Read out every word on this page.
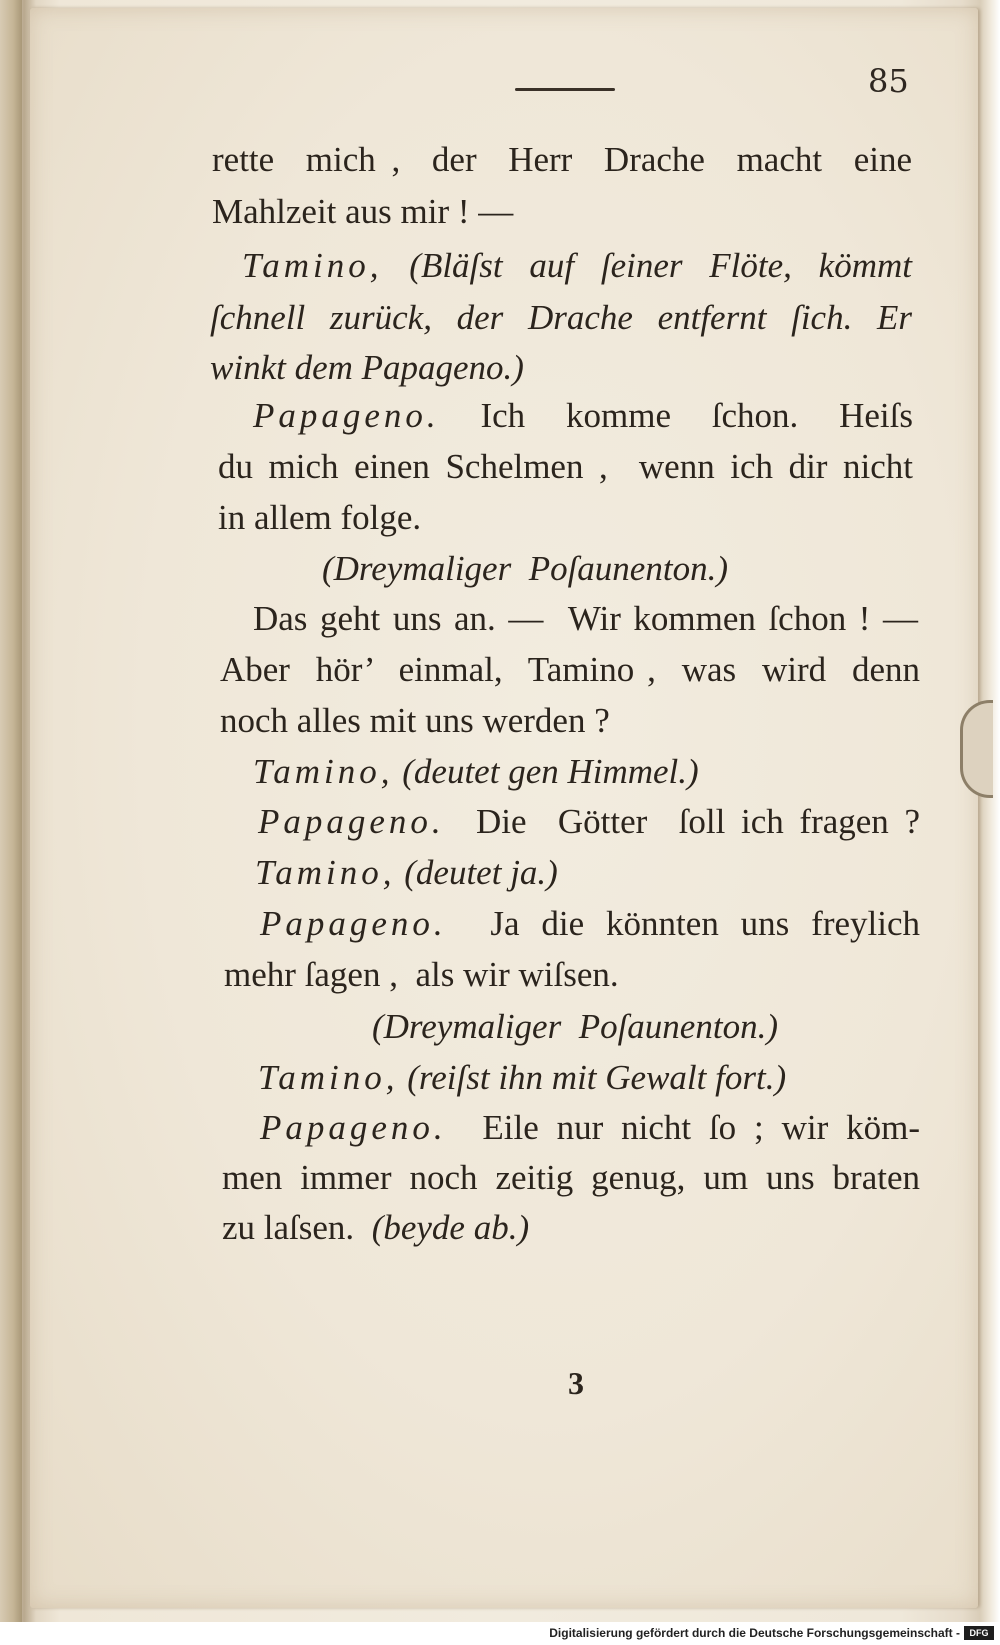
85
rette  mich ,  der  Herr  Drache  macht  eine
Mahlzeit aus mir ! —
Tamino, (Bläſst auf ſeiner Flöte, kömmt
ſchnell zurück, der Drache entfernt ſich. Er
winkt dem Papageno.)
Papageno.  Ich  komme  ſchon.  Heiſs
du mich einen Schelmen ,  wenn ich dir nicht
in allem folge.
(Dreymaliger  Poſaunenton.)
Das geht uns an. —  Wir kommen ſchon ! —
Aber  hör’  einmal,  Tamino ,  was  wird  denn
noch alles mit uns werden ?
Tamino, (deutet gen Himmel.)
Papageno.  Die  Götter  ſoll ich fragen ?
Tamino, (deutet ja.)
Papageno.  Ja die könnten uns freylich
mehr ſagen ,  als wir wiſsen.
(Dreymaliger  Poſaunenton.)
Tamino, (reiſst ihn mit Gewalt fort.)
Papageno.  Eile nur nicht ſo ; wir köm-
men immer noch zeitig genug, um uns braten
zu laſsen.  (beyde ab.)
3
Digitalisierung gefördert durch die Deutsche Forschungsgemeinschaft -	DFG
